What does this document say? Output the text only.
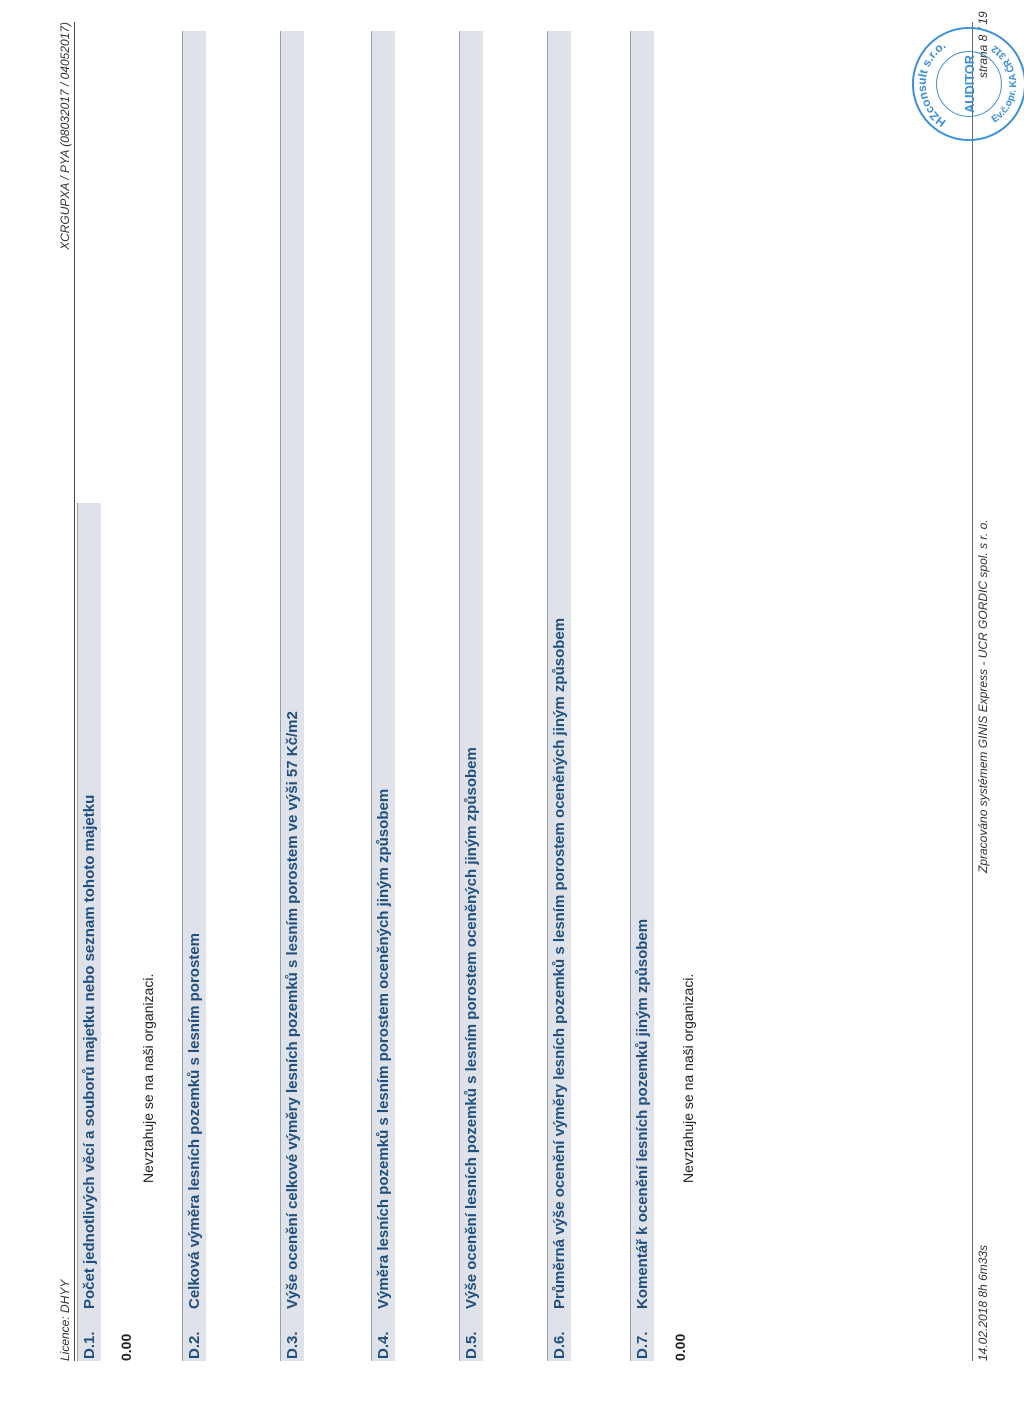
Licence: DHYY
XCRGUPXA / PYA (08032017 / 04052017)
D.1.
Počet jednotlivých věcí a souborů majetku nebo seznam tohoto majetku
0.00
Nevztahuje se na naši organizaci.
D.2.
Celková výměra lesních pozemků s lesním porostem
D.3.
Výše ocenění celkové výměry lesních pozemků s lesním porostem ve výši 57 Kč/m2
D.4.
Výměra lesních pozemků s lesním porostem oceněných jiným způsobem
D.5.
Výše ocenění lesních pozemků s lesním porostem oceněných jiným způsobem
D.6.
Průměrná výše ocenění výměry lesních pozemků s lesním porostem oceněných jiným způsobem
D.7.
Komentář k ocenění lesních pozemků jiným způsobem
0.00
Nevztahuje se na naši organizaci.
14.02.2018 8h 6m33s
Zpracováno systémem GINIS Express - UCR GORDIC spol. s r. o.
strana 8 / 19
HZconsult s.r.o.
AUDITOR
Ev.č.opr. KA ČR 312
